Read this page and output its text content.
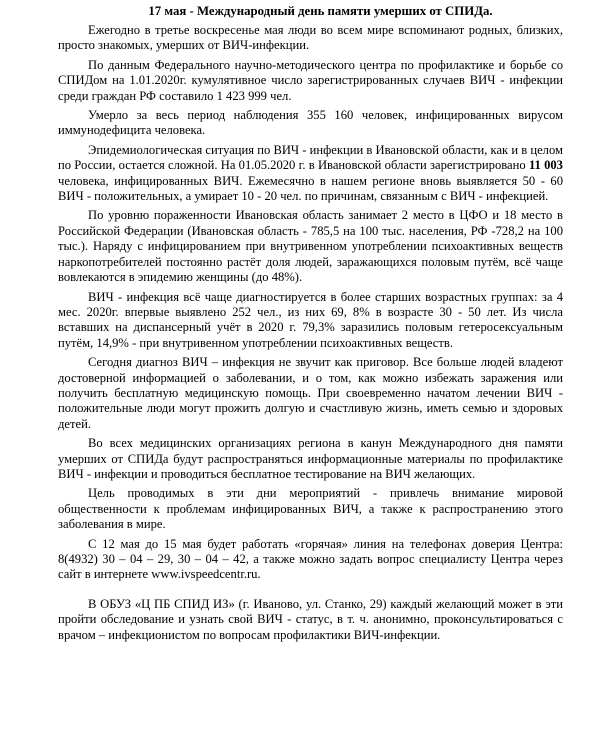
17 мая - Международный день памяти умерших от СПИДа.

Ежегодно в третье воскресенье мая люди во всем мире вспоминают родных, близких, просто знакомых, умерших от ВИЧ-инфекции.

По данным Федерального научно-методического центра по профилактике и борьбе со СПИДом на 1.01.2020г. кумулятивное число зарегистрированных случаев ВИЧ - инфекции среди граждан РФ составило 1 423 999 чел.

Умерло за весь период наблюдения 355 160 человек, инфицированных вирусом иммунодефицита человека.

Эпидемиологическая ситуация по ВИЧ - инфекции в Ивановской области, как и в целом по России, остается сложной. На 01.05.2020 г. в Ивановской области зарегистрировано 11 003 человека, инфицированных ВИЧ. Ежемесячно в нашем регионе вновь выявляется 50 - 60 ВИЧ - положительных, а умирает 10 - 20 чел. по причинам, связанным с ВИЧ - инфекцией.

По уровню пораженности Ивановская область занимает 2 место в ЦФО и 18 место в Российской Федерации (Ивановская область - 785,5 на 100 тыс. населения, РФ -728,2 на 100 тыс.). Наряду с инфицированием при внутривенном употреблении психоактивных веществ наркопотребителей постоянно растёт доля людей, заражающихся половым путём, всё чаще вовлекаются в эпидемию женщины (до 48%).

ВИЧ - инфекция всё чаще диагностируется в более старших возрастных группах: за 4 мес. 2020г. впервые выявлено 252 чел., из них 69, 8% в возрасте 30 - 50 лет. Из числа вставших на диспансерный учёт в 2020 г. 79,3% заразились половым гетеросексуальным путём, 14,9% - при внутривенном употреблении психоактивных веществ.

Сегодня диагноз ВИЧ – инфекция не звучит как приговор. Все больше людей владеют достоверной информацией о заболевании, и о том, как можно избежать заражения или получить бесплатную медицинскую помощь. При своевременно начатом лечении ВИЧ - положительные люди могут прожить долгую и счастливую жизнь, иметь семью и здоровых детей.

Во всех медицинских организациях региона в канун Международного дня памяти умерших от СПИДа будут распространяться информационные материалы по профилактике ВИЧ - инфекции и проводиться бесплатное тестирование на ВИЧ желающих.

Цель проводимых в эти дни мероприятий - привлечь внимание мировой общественности к проблемам инфицированных ВИЧ, а также к распространению этого заболевания в мире.

С 12 мая до 15 мая будет работать «горячая» линия на телефонах доверия Центра: 8(4932) 30 – 04 – 29, 30 – 04 – 42, а также можно задать вопрос специалисту Центра через сайт в интернете www.ivspeedcentr.ru.

В ОБУЗ «Ц ПБ СПИД ИЗ» (г. Иваново, ул. Станко, 29) каждый желающий может в эти пройти обследование и узнать свой ВИЧ - статус, в т. ч. анонимно, проконсультироваться с врачом – инфекционистом по вопросам профилактики ВИЧ-инфекции.
